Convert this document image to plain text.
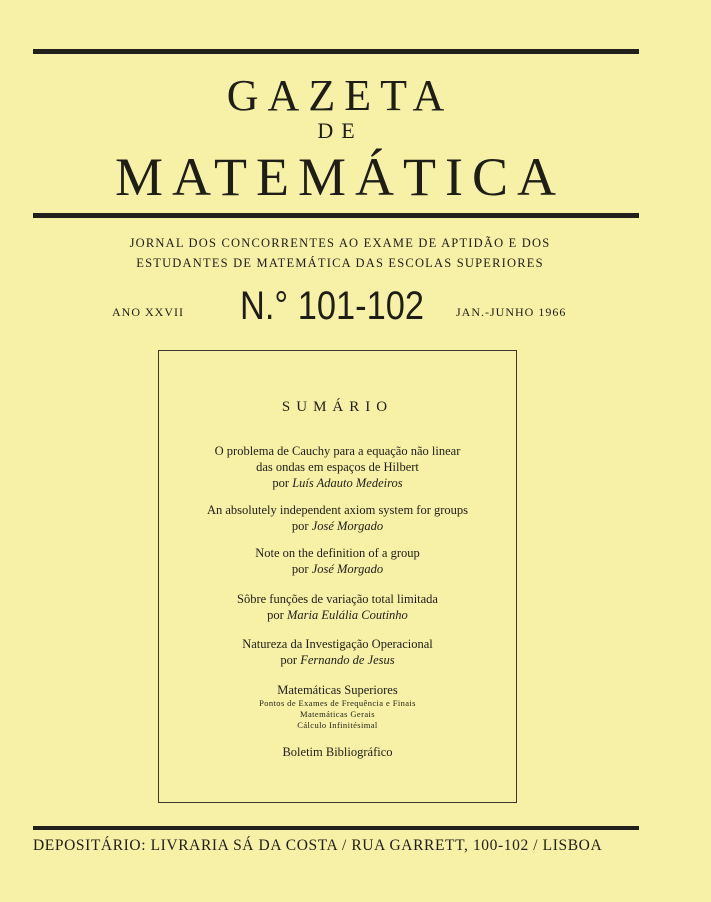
GAZETA
DE
MATEMÁTICA
JORNAL DOS CONCORRENTES AO EXAME DE APTIDÃO E DOS
ESTUDANTES DE MATEMÁTICA DAS ESCOLAS SUPERIORES
ANO XXVII N.° 101-102	JAN.-JUNHO 1966
SUMÁRIO
O problema de Cauchy para a equação não linear
das ondas em espaços de Hilbert
por Luís Adauto Medeiros
An absolutely independent axiom system for groups
por José Morgado
Note on the definition of a group
por José Morgado
Sôbre funções de variação total limitada
por Maria Eulália Coutinho
Natureza da Investigação Operacional
por Fernando de Jesus
Matemáticas Superiores
Pontos de Exames de Frequência e Finais
Matemáticas Gerais
Cálculo Infinitésimal
Boletim Bibliográfico
DEPOSITÁRIO: LIVRARIA SÁ DA COSTA / RUA GARRETT, 100-102 / LISBOA
